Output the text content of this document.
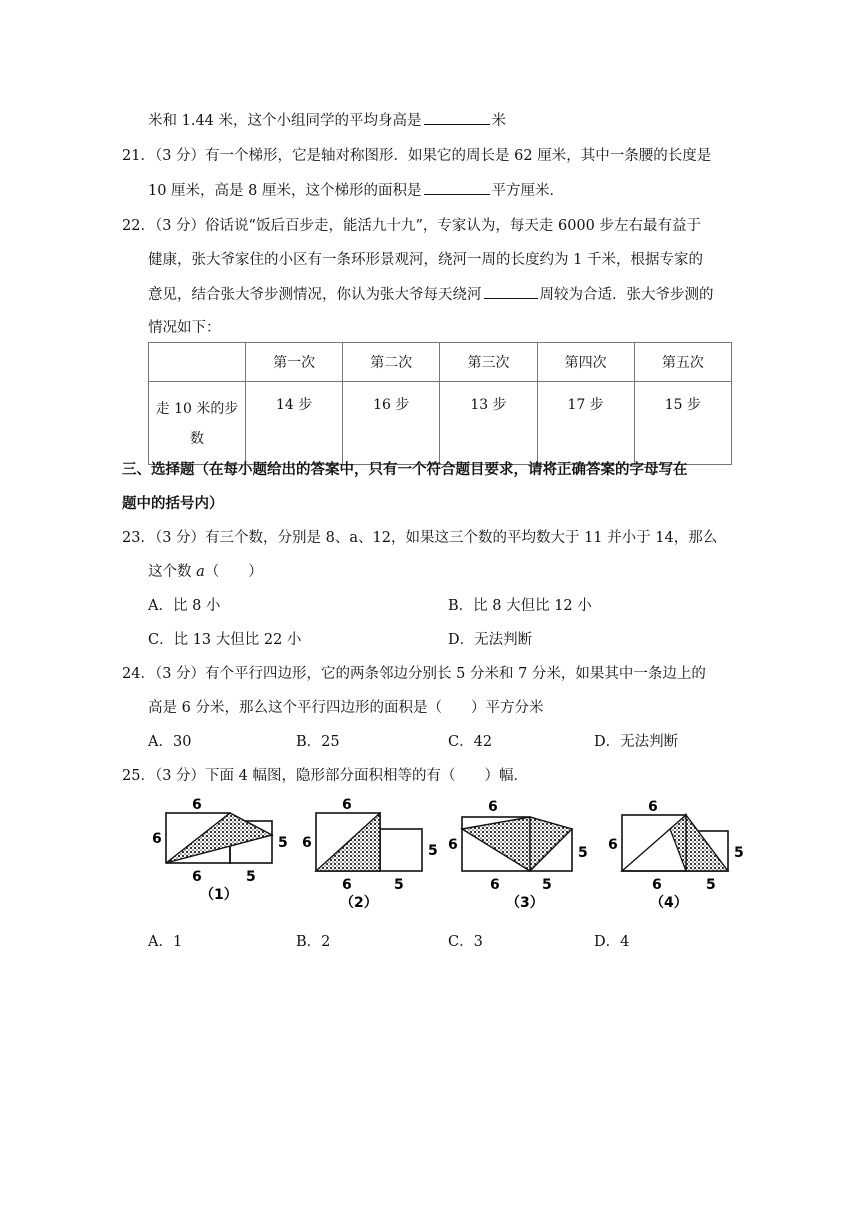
米和 1.44 米，这个小组同学的平均身高是	米
21．（3 分）有一个梯形，它是轴对称图形．如果它的周长是 62 厘米，其中一条腰的长度是
10 厘米，高是 8 厘米，这个梯形的面积是	平方厘米．
22．（3 分）俗话说“饭后百步走，能活九十九”，专家认为，每天走 6000 步左右最有益于
健康，张大爷家住的小区有一条环形景观河，绕河一周的长度约为 1 千米，根据专家的
意见，结合张大爷步测情况，你认为张大爷每天绕河	周较为合适．张大爷步测的
情况如下：
	第一次	第二次	第三次	第四次	第五次
走 10 米的步数	14 步	16 步	13 步	17 步	15 步
三、选择题（在每小题给出的答案中，只有一个符合题目要求，请将正确答案的字母写在
题中的括号内）
23．（3 分）有三个数，分别是 8、a、12，如果这三个数的平均数大于 11 并小于 14，那么
这个数 a（　　）
A．比 8 小	B．比 8 大但比 12 小
C．比 13 大但比 22 小	D．无法判断
24．（3 分）有个平行四边形，它的两条邻边分别长 5 分米和 7 分米，如果其中一条边上的
高是 6 分米，那么这个平行四边形的面积是（　　）平方分米
A．30	B．25	C．42	D．无法判断
25．（3 分）下面 4 幅图，隐形部分面积相等的有（　　）幅．
6
6
6	5
5
（1）
6
6
6	5
5
（2）
6
6
6	5
5
（3）
6
6
6	5
5
（4）
A．1	B．2	C．3	D．4
